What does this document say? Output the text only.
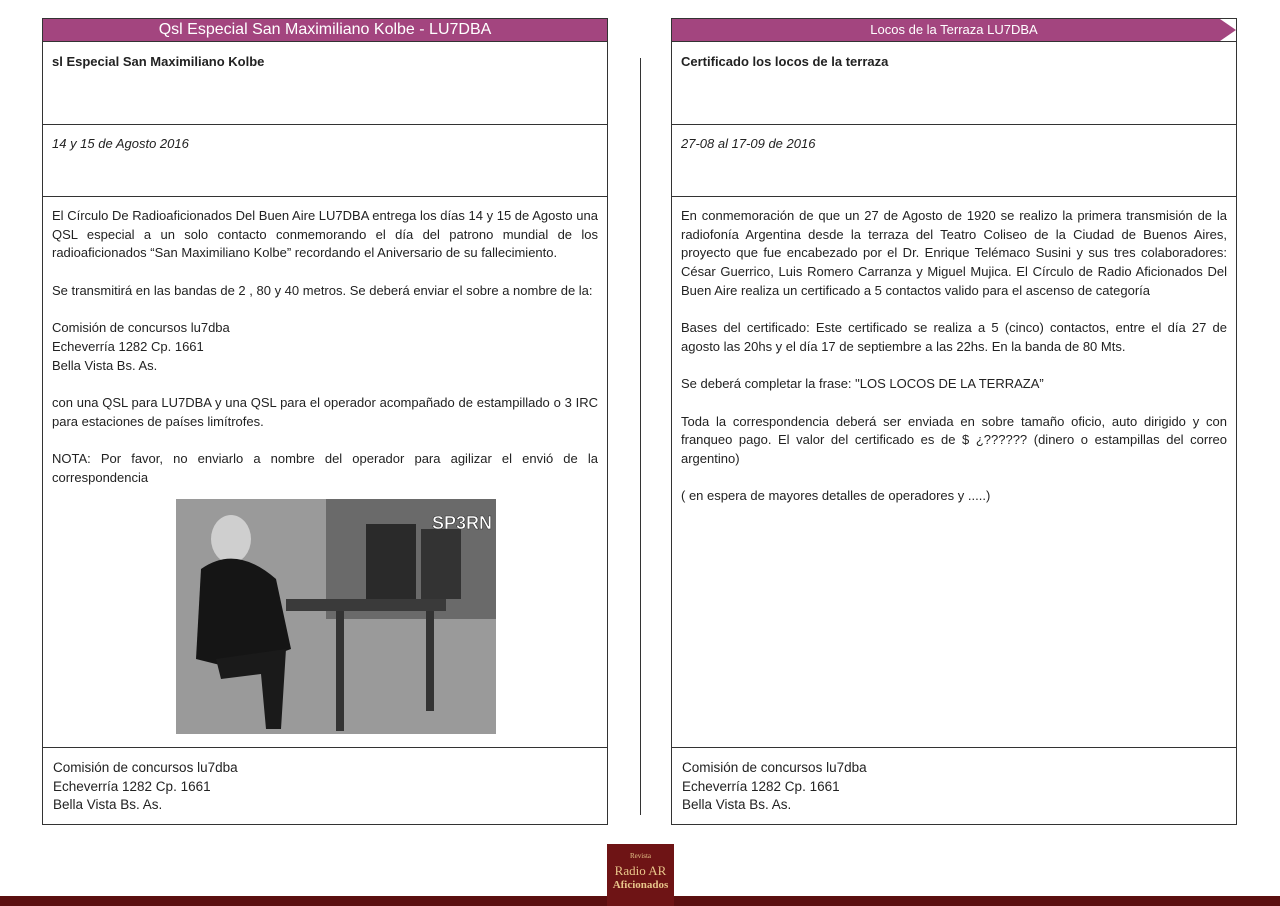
Qsl Especial San Maximiliano Kolbe - LU7DBA
sl Especial San Maximiliano Kolbe
14 y 15 de Agosto 2016

El Círculo De Radioaficionados Del Buen Aire LU7DBA entrega los días 14 y 15 de Agosto una QSL especial a un solo contacto conmemorando el día del patrono mundial de los radioaficionados “San Maximiliano Kolbe” recordando el Aniversario de su fallecimiento.

Se transmitirá en las bandas de 2 , 80 y 40 metros. Se deberá enviar el sobre a nombre de la:

Comisión de concursos lu7dba
Echeverría 1282 Cp. 1661
Bella Vista Bs. As.

con una QSL para LU7DBA y una QSL para el operador acompañado de estampillado o 3 IRC para estaciones de países limítrofes.

NOTA: Por favor, no enviarlo a nombre del operador para agilizar el envió de la correspondencia

SP3RN
Comisión de concursos lu7dba
Echeverría 1282 Cp. 1661
Bella Vista Bs. As.
Locos de la Terraza LU7DBA
Certificado los locos de la terraza
27-08 al 17-09 de 2016

En conmemoración de que un 27 de Agosto de 1920 se realizo la primera transmisión de la radiofonía Argentina desde la terraza del Teatro Coliseo de la Ciudad de Buenos Aires, proyecto que fue encabezado por el Dr. Enrique Telémaco Susini y sus tres colaboradores: César Guerrico, Luis Romero Carranza y Miguel Mujica. El Círculo de Radio Aficionados Del Buen Aire realiza un certificado a 5 contactos valido para el ascenso de categoría

Bases del certificado: Este certificado se realiza a 5 (cinco) contactos, entre el día 27 de agosto las 20hs y el día 17 de septiembre a las 22hs. En la banda de 80 Mts.

Se deberá completar la frase: "LOS LOCOS DE LA TERRAZA”

Toda la correspondencia deberá ser enviada en sobre tamaño oficio, auto dirigido y con franqueo pago. El valor del certificado es de $ ¿?????? (dinero o estampillas del correo argentino)

( en espera de mayores detalles de operadores y .....)

Comisión de concursos lu7dba
Echeverría 1282 Cp. 1661
Bella Vista Bs. As.
Revista
Radio AR
Aficionados
